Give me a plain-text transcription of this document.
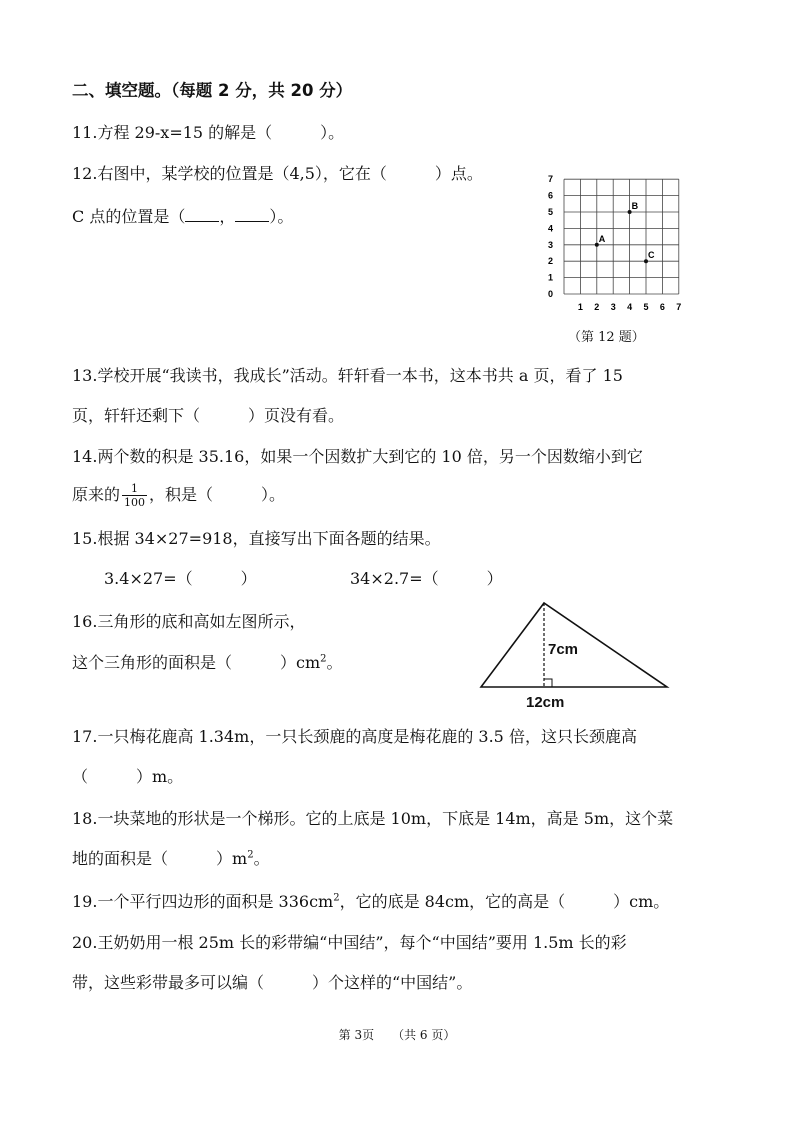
二、填空题。（每题 2 分，共 20 分）
11.方程 29-x=15 的解是（　　　）。
12.右图中，某学校的位置是（4,5），它在（　　　）点。
C 点的位置是（ ， ）。
7
6
5
4
3
2
1
0
1 2 3 4 5 6 7
A
B
C
（第 12 题）
13.学校开展“我读书，我成长”活动。轩轩看一本书，这本书共 a 页，看了 15
页，轩轩还剩下（　　　）页没有看。
14.两个数的积是 35.16，如果一个因数扩大到它的 10 倍，另一个因数缩小到它
原来的 $\frac{1}{100}$ ，积是（　　　）。
15.根据 34×27=918，直接写出下面各题的结果。
3.4×27=（　　　）	34×2.7=（　　　）
16.三角形的底和高如左图所示，
这个三角形的面积是（　　　）$cm^2$。
7cm
12cm
17.一只梅花鹿高 1.34m，一只长颈鹿的高度是梅花鹿的 3.5 倍，这只长颈鹿高
（　　　）m。
18.一块菜地的形状是一个梯形。它的上底是 10m，下底是 14m，高是 5m，这个菜
地的面积是（　　　）$m^2$。
19.一个平行四边形的面积是 $336cm^2$，它的底是 84cm，它的高是（　　　）cm。
20.王奶奶用一根 25m 长的彩带编“中国结”，每个“中国结”要用 1.5m 长的彩
带，这些彩带最多可以编（　　　）个这样的“中国结”。
第 3页　　（共 6 页）
